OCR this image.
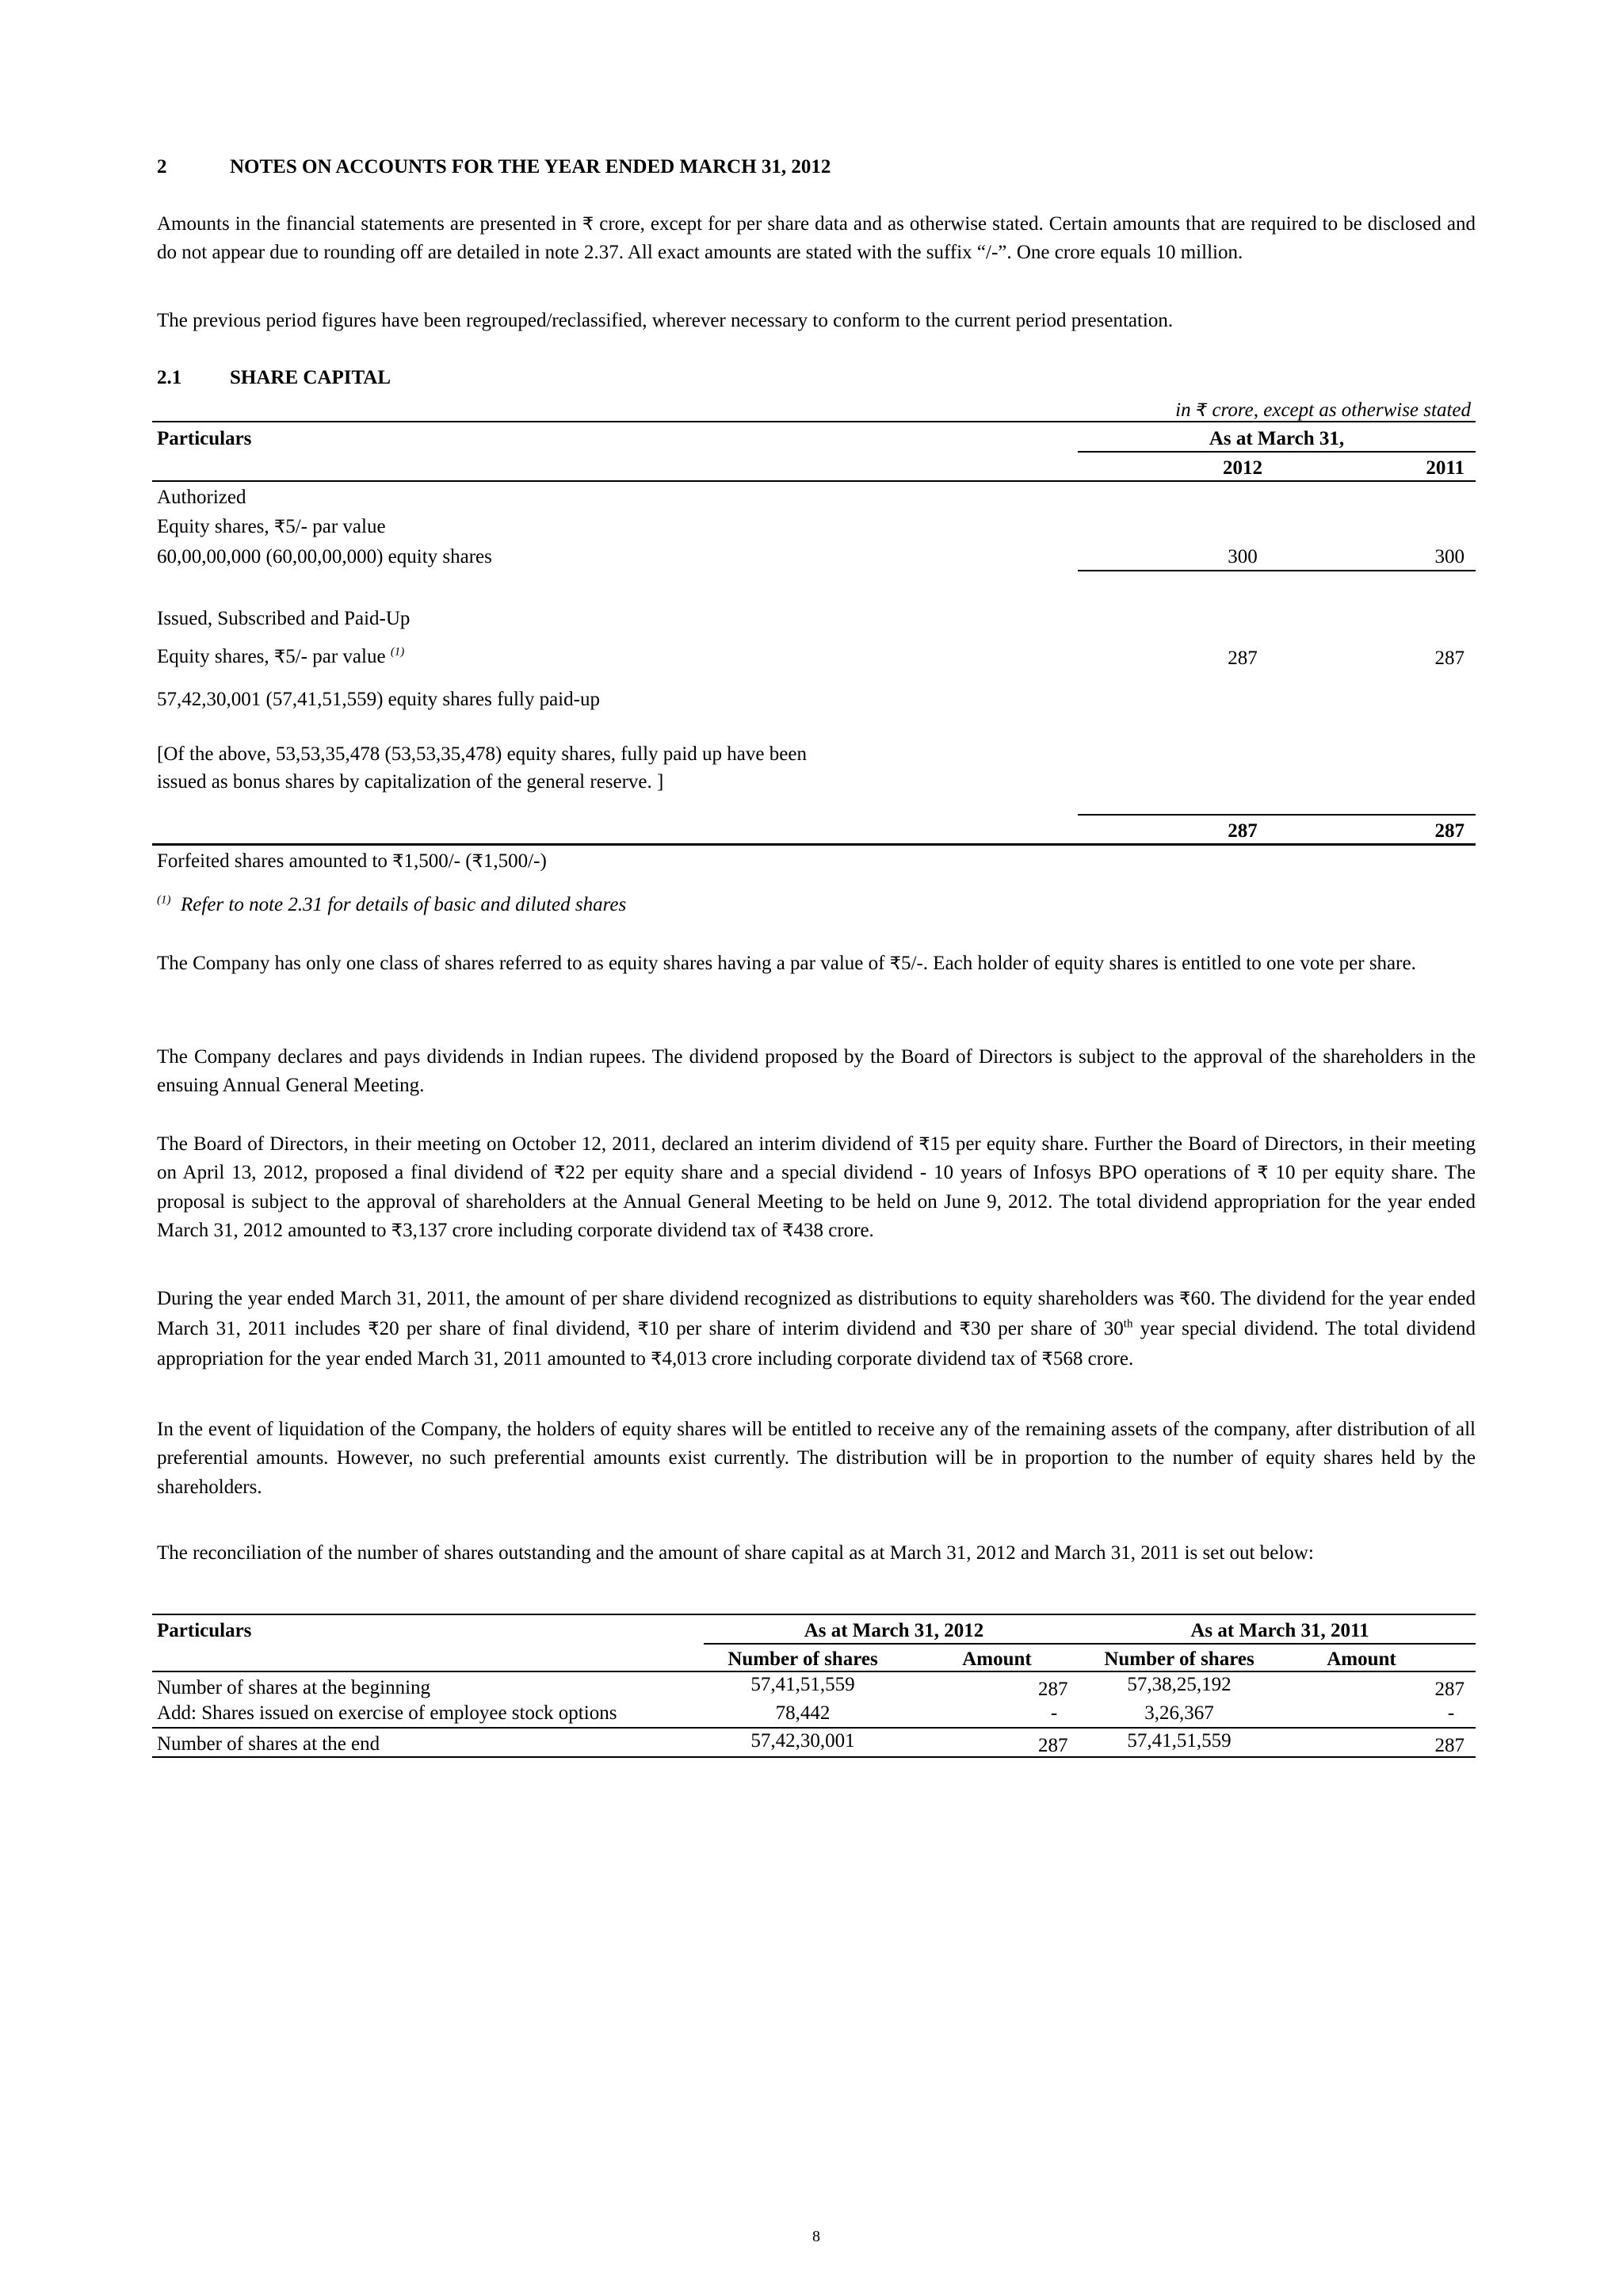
2	NOTES ON ACCOUNTS FOR THE YEAR ENDED MARCH 31, 2012

Amounts in the financial statements are presented in ₹ crore, except for per share data and as otherwise stated. Certain amounts that are required to be disclosed and do not appear due to rounding off are detailed in note 2.37. All exact amounts are stated with the suffix “/-”. One crore equals 10 million.

The previous period figures have been regrouped/reclassified, wherever necessary to conform to the current period presentation.

2.1 SHARE CAPITAL
in ₹ crore, except as otherwise stated
Particulars	As at March 31,
2012	2011
Authorized
Equity shares, ₹5/- par value
60,00,00,000 (60,00,00,000) equity shares	300	300
Issued, Subscribed and Paid-Up
Equity shares, ₹5/- par value $^{(1)}$	287	287
57,42,30,001 (57,41,51,559) equity shares fully paid-up
[Of the above, 53,53,35,478 (53,53,35,478) equity shares, fully paid up have been
issued as bonus shares by capitalization of the general reserve. ]
287	287
Forfeited shares amounted to ₹1,500/- (₹1,500/-)
$^{(1)}$ Refer to note 2.31 for details of basic and diluted shares

The Company has only one class of shares referred to as equity shares having a par value of ₹5/-. Each holder of equity shares is entitled to one vote per share.

The Company declares and pays dividends in Indian rupees. The dividend proposed by the Board of Directors is subject to the approval of the shareholders in the ensuing Annual General Meeting.

The Board of Directors, in their meeting on October 12, 2011, declared an interim dividend of ₹15 per equity share. Further the Board of Directors, in their meeting on April 13, 2012, proposed a final dividend of ₹22 per equity share and a special dividend - 10 years of Infosys BPO operations of ₹ 10 per equity share. The proposal is subject to the approval of shareholders at the Annual General Meeting to be held on June 9, 2012. The total dividend appropriation for the year ended March 31, 2012 amounted to ₹3,137 crore including corporate dividend tax of ₹438 crore.

During the year ended March 31, 2011, the amount of per share dividend recognized as distributions to equity shareholders was ₹60. The dividend for the year ended March 31, 2011 includes ₹20 per share of final dividend, ₹10 per share of interim dividend and ₹30 per share of 30th year special dividend. The total dividend appropriation for the year ended March 31, 2011 amounted to ₹4,013 crore including corporate dividend tax of ₹568 crore.

In the event of liquidation of the Company, the holders of equity shares will be entitled to receive any of the remaining assets of the company, after distribution of all preferential amounts. However, no such preferential amounts exist currently. The distribution will be in proportion to the number of equity shares held by the shareholders.

The reconciliation of the number of shares outstanding and the amount of share capital as at March 31, 2012 and March 31, 2011 is set out below:

Particulars	As at March 31, 2012	As at March 31, 2011
Number of shares	Amount	Number of shares	Amount
Number of shares at the beginning	57,41,51,559	287	57,38,25,192	287
Add: Shares issued on exercise of employee stock options	78,442	-	3,26,367	-
Number of shares at the end	57,42,30,001	287	57,41,51,559	287
8
